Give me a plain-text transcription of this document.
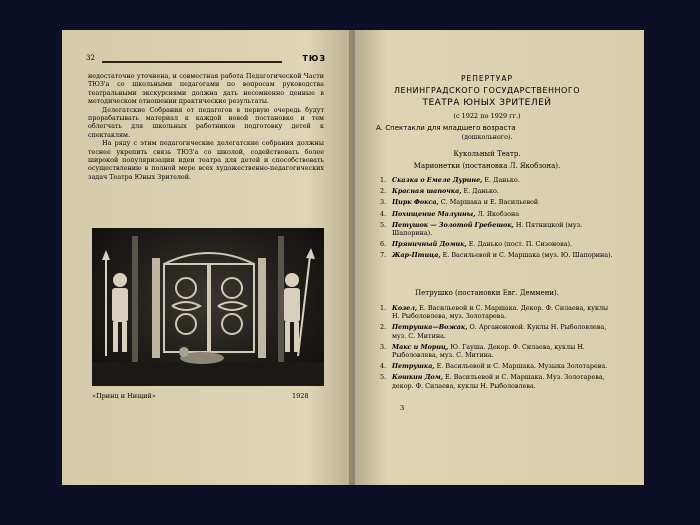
32	ТЮЗ

недостаточно уточнена, и совместная работа Педагогической Части ТЮЗ'а со школьными педагогами по вопросам руководства театральными экскурсиями должна дать несомненно ценные в методическом отношении практические результаты.

Делегатские Собрания от педагогов в первую очередь будут прорабатывать материал к каждой новой постановке и тем облегчать для школьных работников подготовку детей к спектаклям.

На ряду с этим педагогические делегатские собрания должны теснее укрепить связь ТЮЗ'а со школой, содействовать более широкой популяризации идеи театра для детей и способствовать осуществлению в полной мере всех художественно-педагогических задач Театра Юных Зрителей.

«Принц и Нищий»	1928
РЕПЕРТУАР
ЛЕНИНГРАДСКОГО ГОСУДАРСТВЕННОГО
ТЕАТРА ЮНЫХ ЗРИТЕЛЕЙ
(с 1922 по 1929 гг.)
А. Спектакли для младшего возраста
(дошкольного).
Кукольный Театр.
Марионетки (постановка Л. Якобзона).
1. Сказка о Емеле Дурине, Е. Данько.
2. Красная шапочка, Е. Данько.
3. Цирк Фокса, С. Маршака и Е. Васильевой
4. Похищение Малуины, Л. Якобзона
5. Петушок — Золотой Гребешок, Н. Пятницкой (муз. Шапорина).
6. Пряничный Домик, Е. Данько (пост. П. Сизонова).
7. Жар-Птица, Е. Васильевой и С. Маршака (муз. Ю. Шапорина).
Петрушко (постановки Евг. Деммени).
1. Козел, Е. Васильевой и С. Маршака. Декор. Ф. Силаева, куклы Н. Рыболовлева, муз. Золотарева.
2. Петрушка—Вожак, О. Арганоновой. Куклы Н. Рыболовлева, муз. С. Митина.
3. Макс и Мориц, Ю. Гауша. Декор. Ф. Силаева, куклы Н. Рыболовлева, муз. С. Митина.
4. Петрушка, Е. Васильевой и С. Маршака. Музыка Золотарева.
5. Кошкин Дом, Е. Васильевой и С. Маршака. Муз. Золотарева, декор. Ф. Силаева, куклы Н. Рыболовлева.
3
